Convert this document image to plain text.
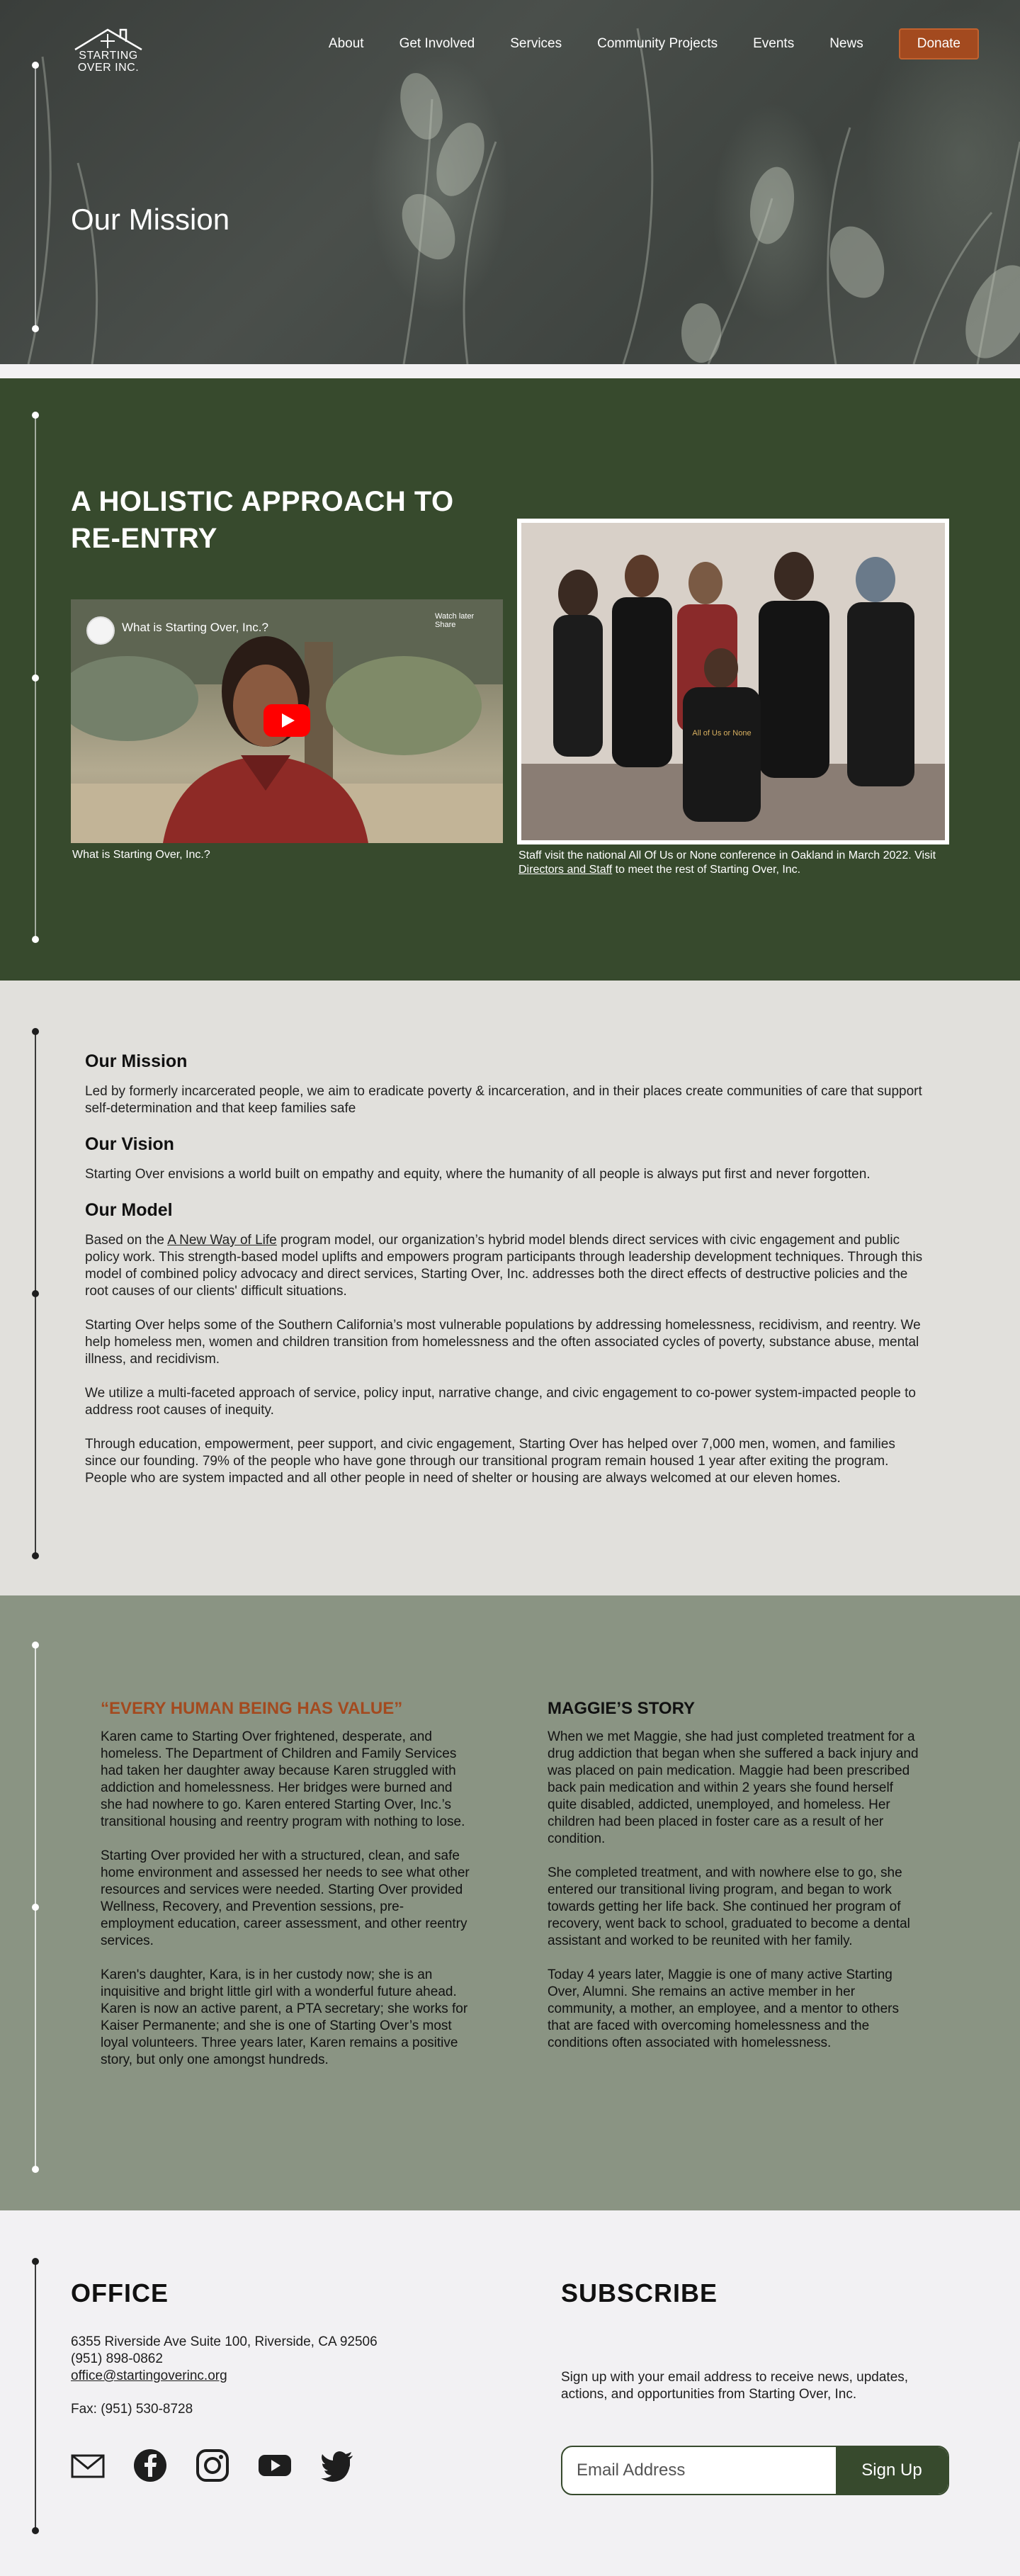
STARTING
OVER INC.
About	Get Involved	Services	Community Projects	Events	News	Donate
Our Mission
A HOLISTIC APPROACH TO
RE-ENTRY
What is Starting Over, Inc.?
Watch later Share
What is Starting Over, Inc.?
All of Us or None
Staff visit the national All Of Us or None conference in Oakland in March 2022. Visit Directors and Staff to meet the rest of Starting Over, Inc.
Our Mission

Led by formerly incarcerated people, we aim to eradicate poverty & incarceration, and in their places create communities of care that support self-determination and that keep families safe

Our Vision

Starting Over envisions a world built on empathy and equity, where the humanity of all people is always put first and never forgotten.

Our Model

Based on the A New Way of Life program model, our organization’s hybrid model blends direct services with civic engagement and public policy work. This strength-based model uplifts and empowers program participants through leadership development techniques. Through this model of combined policy advocacy and direct services, Starting Over, Inc. addresses both the direct effects of destructive policies and the root causes of our clients' difficult situations.

Starting Over helps some of the Southern California’s most vulnerable populations by addressing homelessness, recidivism, and reentry. We help homeless men, women and children transition from homelessness and the often associated cycles of poverty, substance abuse, mental illness, and recidivism.

We utilize a multi-faceted approach of service, policy input, narrative change, and civic engagement to co-power system-impacted people to address root causes of inequity.

Through education, empowerment, peer support, and civic engagement, Starting Over has helped over 7,000 men, women, and families since our founding. 79% of the people who have gone through our transitional program remain housed 1 year after exiting the program. People who are system impacted and all other people in need of shelter or housing are always welcomed at our eleven homes.

“EVERY HUMAN BEING HAS VALUE”

Karen came to Starting Over frightened, desperate, and homeless. The Department of Children and Family Services had taken her daughter away because Karen struggled with addiction and homelessness. Her bridges were burned and she had nowhere to go. Karen entered Starting Over, Inc.’s transitional housing and reentry program with nothing to lose.

Starting Over provided her with a structured, clean, and safe home environment and assessed her needs to see what other resources and services were needed. Starting Over provided Wellness, Recovery, and Prevention sessions, pre-employment education, career assessment, and other reentry services.

Karen's daughter, Kara, is in her custody now; she is an inquisitive and bright little girl with a wonderful future ahead. Karen is now an active parent, a PTA secretary; she works for Kaiser Permanente; and she is one of Starting Over’s most loyal volunteers. Three years later, Karen remains a positive story, but only one amongst hundreds.

MAGGIE’S STORY

When we met Maggie, she had just completed treatment for a drug addiction that began when she suffered a back injury and was placed on pain medication. Maggie had been prescribed back pain medication and within 2 years she found herself quite disabled, addicted, unemployed, and homeless. Her children had been placed in foster care as a result of her condition.

She completed treatment, and with nowhere else to go, she entered our transitional living program, and began to work towards getting her life back. She continued her program of recovery, went back to school, graduated to become a dental assistant and worked to be reunited with her family.

Today 4 years later, Maggie is one of many active Starting Over, Alumni. She remains an active member in her community, a mother, an employee, and a mentor to others that are faced with overcoming homelessness and the conditions often associated with homelessness.

OFFICE
6355 Riverside Ave Suite 100, Riverside, CA 92506
(951) 898-0862
office@startingoverinc.org
Fax: (951) 530-8728
SUBSCRIBE
Sign up with your email address to receive news, updates, actions, and opportunities from Starting Over, Inc.
Email Address
Sign Up
